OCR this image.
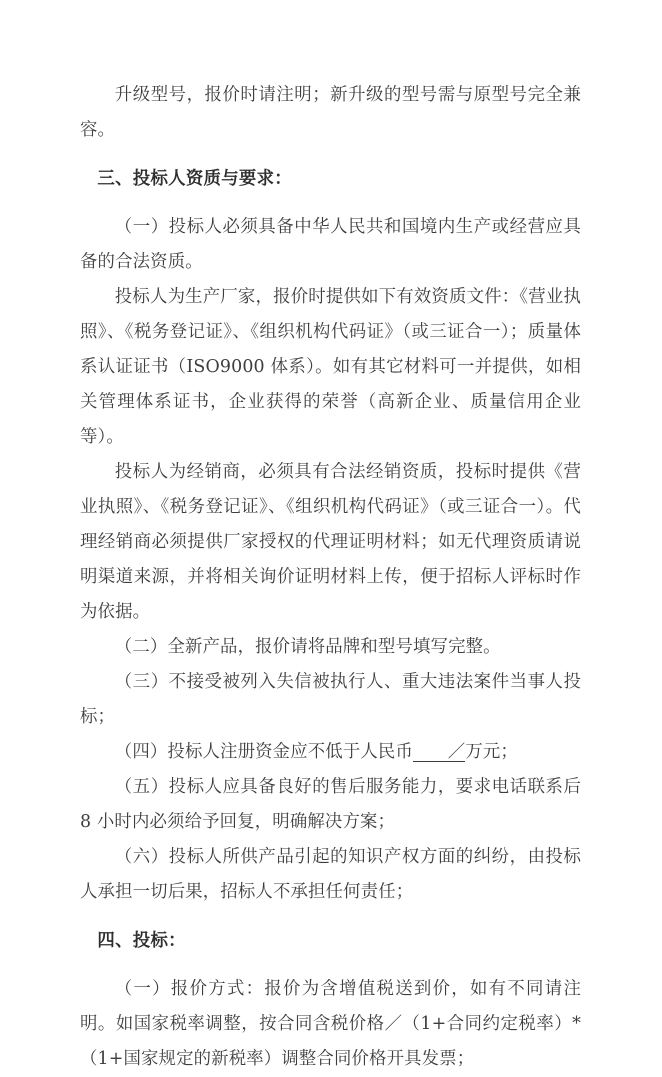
升级型号，报价时请注明；新升级的型号需与原型号完全兼容。

三、投标人资质与要求：

（一）投标人必须具备中华人民共和国境内生产或经营应具备的合法资质。

投标人为生产厂家，报价时提供如下有效资质文件：《营业执照》、《税务登记证》、《组织机构代码证》（或三证合一）；质量体系认证证书（ISO9000 体系）。如有其它材料可一并提供，如相关管理体系证书，企业获得的荣誉（高新企业、质量信用企业等）。

投标人为经销商，必须具有合法经销资质，投标时提供《营业执照》、《税务登记证》、《组织机构代码证》（或三证合一）。代理经销商必须提供厂家授权的代理证明材料；如无代理资质请说明渠道来源，并将相关询价证明材料上传，便于招标人评标时作为依据。

（二）全新产品，报价请将品牌和型号填写完整。

（三）不接受被列入失信被执行人、重大违法案件当事人投标；

（四）投标人注册资金应不低于人民币 ／万元；

（五）投标人应具备良好的售后服务能力，要求电话联系后8 小时内必须给予回复，明确解决方案；

（六）投标人所供产品引起的知识产权方面的纠纷，由投标人承担一切后果，招标人不承担任何责任；

四、投标：

（一）报价方式：报价为含增值税送到价，如有不同请注明。如国家税率调整，按合同含税价格／（1+合同约定税率）*（1+国家规定的新税率）调整合同价格开具发票；
